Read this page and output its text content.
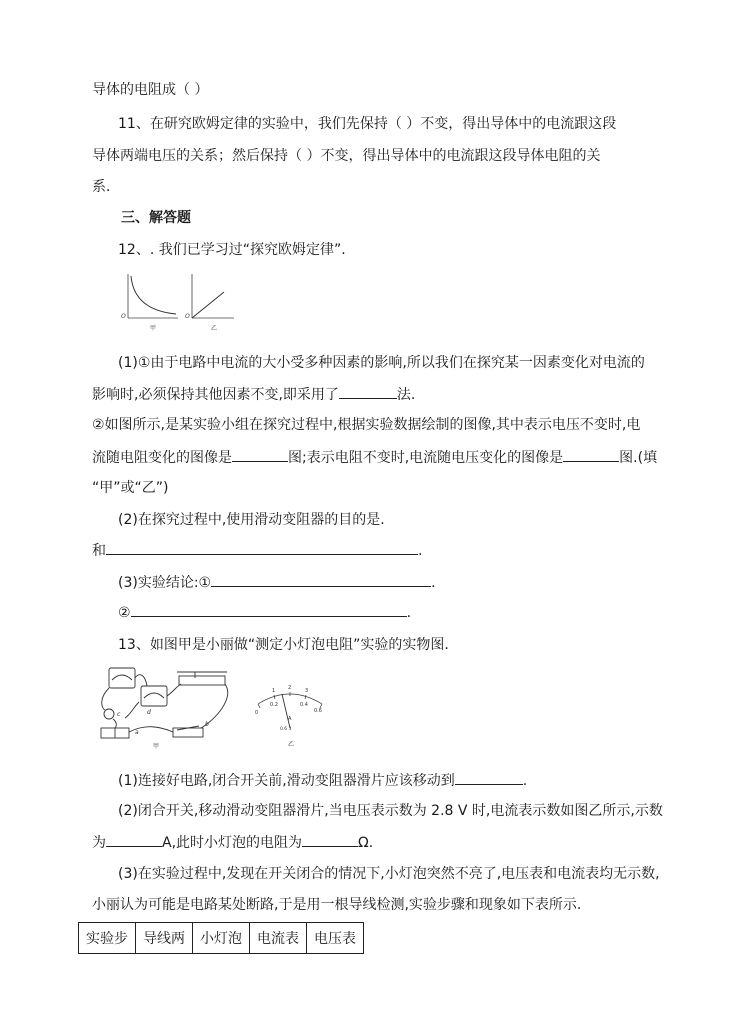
导体的电阻成（ ）
11、在研究欧姆定律的实验中，我们先保持（ ）不变，得出导体中的电流跟这段
导体两端电压的关系；然后保持（ ）不变，得出导体中的电流跟这段导体电阻的关
系．
三、解答题
12、. 我们已学习过“探究欧姆定律”.
O
甲
O
乙
(1)①由于电路中电流的大小受多种因素的影响,所以我们在探究某一因素变化对电流的
影响时,必须保持其他因素不变,即采用了	法.
②如图所示,是某实验小组在探究过程中,根据实验数据绘制的图像,其中表示电压不变时,电
流随电阻变化的图像是	图;表示电阻不变时,电流随电压变化的图像是	图.(填
“甲”或“乙”)
(2)在探究过程中,使用滑动变阻器的目的是.
和	.
(3)实验结论:①	.
②	.
13、如图甲是小丽做“测定小灯泡电阻”实验的实物图.
a
b
c	d
甲
1	2	3
0
0.2	0.4
0.6
A
0.6 3
乙
(1)连接好电路,闭合开关前,滑动变阻器滑片应该移动到	.
(2)闭合开关,移动滑动变阻器滑片,当电压表示数为 2.8 V 时,电流表示数如图乙所示,示数
为	A,此时小灯泡的电阻为	Ω.
(3)在实验过程中,发现在开关闭合的情况下,小灯泡突然不亮了,电压表和电流表均无示数,
小丽认为可能是电路某处断路,于是用一根导线检测,实验步骤和现象如下表所示.
实验步	导线两	小灯泡	电流表	电压表
